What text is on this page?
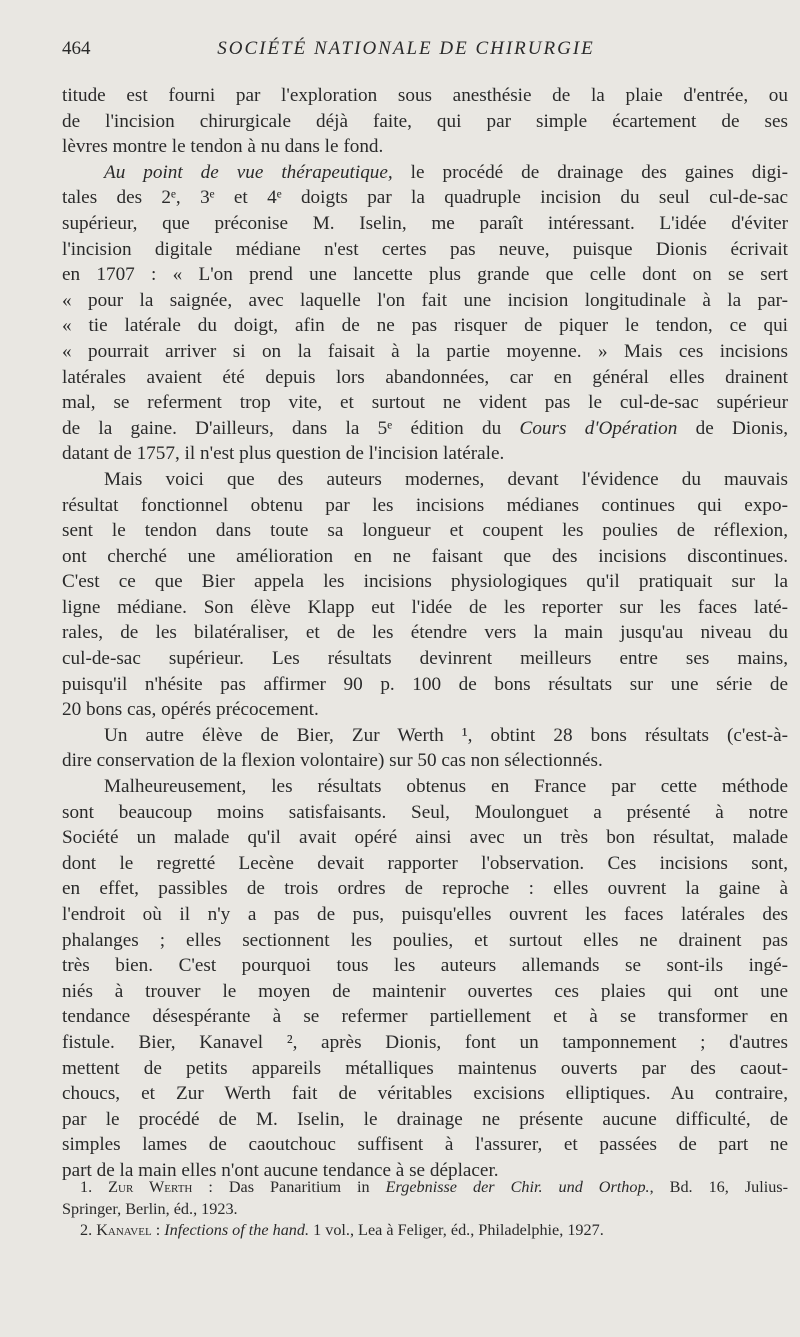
464	SOCIÉTÉ NATIONALE DE CHIRURGIE
titude est fourni par l'exploration sous anesthésie de la plaie d'entrée, ou
de l'incision chirurgicale déjà faite, qui par simple écartement de ses
lèvres montre le tendon à nu dans le fond.
Au point de vue thérapeutique, le procédé de drainage des gaines digi-
tales des 2ᵉ, 3ᵉ et 4ᵉ doigts par la quadruple incision du seul cul-de-sac
supérieur, que préconise M. Iselin, me paraît intéressant. L'idée d'éviter
l'incision digitale médiane n'est certes pas neuve, puisque Dionis écrivait
en 1707 : « L'on prend une lancette plus grande que celle dont on se sert
« pour la saignée, avec laquelle l'on fait une incision longitudinale à la par-
« tie latérale du doigt, afin de ne pas risquer de piquer le tendon, ce qui
« pourrait arriver si on la faisait à la partie moyenne. » Mais ces incisions
latérales avaient été depuis lors abandonnées, car en général elles drainent
mal, se referment trop vite, et surtout ne vident pas le cul-de-sac supérieur
de la gaine. D'ailleurs, dans la 5ᵉ édition du Cours d'Opération de Dionis,
datant de 1757, il n'est plus question de l'incision latérale.
Mais voici que des auteurs modernes, devant l'évidence du mauvais
résultat fonctionnel obtenu par les incisions médianes continues qui expo-
sent le tendon dans toute sa longueur et coupent les poulies de réflexion,
ont cherché une amélioration en ne faisant que des incisions discontinues.
C'est ce que Bier appela les incisions physiologiques qu'il pratiquait sur la
ligne médiane. Son élève Klapp eut l'idée de les reporter sur les faces laté-
rales, de les bilatéraliser, et de les étendre vers la main jusqu'au niveau du
cul-de-sac supérieur. Les résultats devinrent meilleurs entre ses mains,
puisqu'il n'hésite pas affirmer 90 p. 100 de bons résultats sur une série de
20 bons cas, opérés précocement.
Un autre élève de Bier, Zur Werth ¹, obtint 28 bons résultats (c'est-à-
dire conservation de la flexion volontaire) sur 50 cas non sélectionnés.
Malheureusement, les résultats obtenus en France par cette méthode
sont beaucoup moins satisfaisants. Seul, Moulonguet a présenté à notre
Société un malade qu'il avait opéré ainsi avec un très bon résultat, malade
dont le regretté Lecène devait rapporter l'observation. Ces incisions sont,
en effet, passibles de trois ordres de reproche : elles ouvrent la gaine à
l'endroit où il n'y a pas de pus, puisqu'elles ouvrent les faces latérales des
phalanges ; elles sectionnent les poulies, et surtout elles ne drainent pas
très bien. C'est pourquoi tous les auteurs allemands se sont-ils ingé-
niés à trouver le moyen de maintenir ouvertes ces plaies qui ont une
tendance désespérante à se refermer partiellement et à se transformer en
fistule. Bier, Kanavel ², après Dionis, font un tamponnement ; d'autres
mettent de petits appareils métalliques maintenus ouverts par des caout-
choucs, et Zur Werth fait de véritables excisions elliptiques. Au contraire,
par le procédé de M. Iselin, le drainage ne présente aucune difficulté, de
simples lames de caoutchouc suffisent à l'assurer, et passées de part ne
part de la main elles n'ont aucune tendance à se déplacer.
1. Zur Werth : Das Panaritium in Ergebnisse der Chir. und Orthop., Bd. 16, Julius-
Springer, Berlin, éd., 1923.
2. Kanavel : Infections of the hand. 1 vol., Lea à Feliger, éd., Philadelphie, 1927.
